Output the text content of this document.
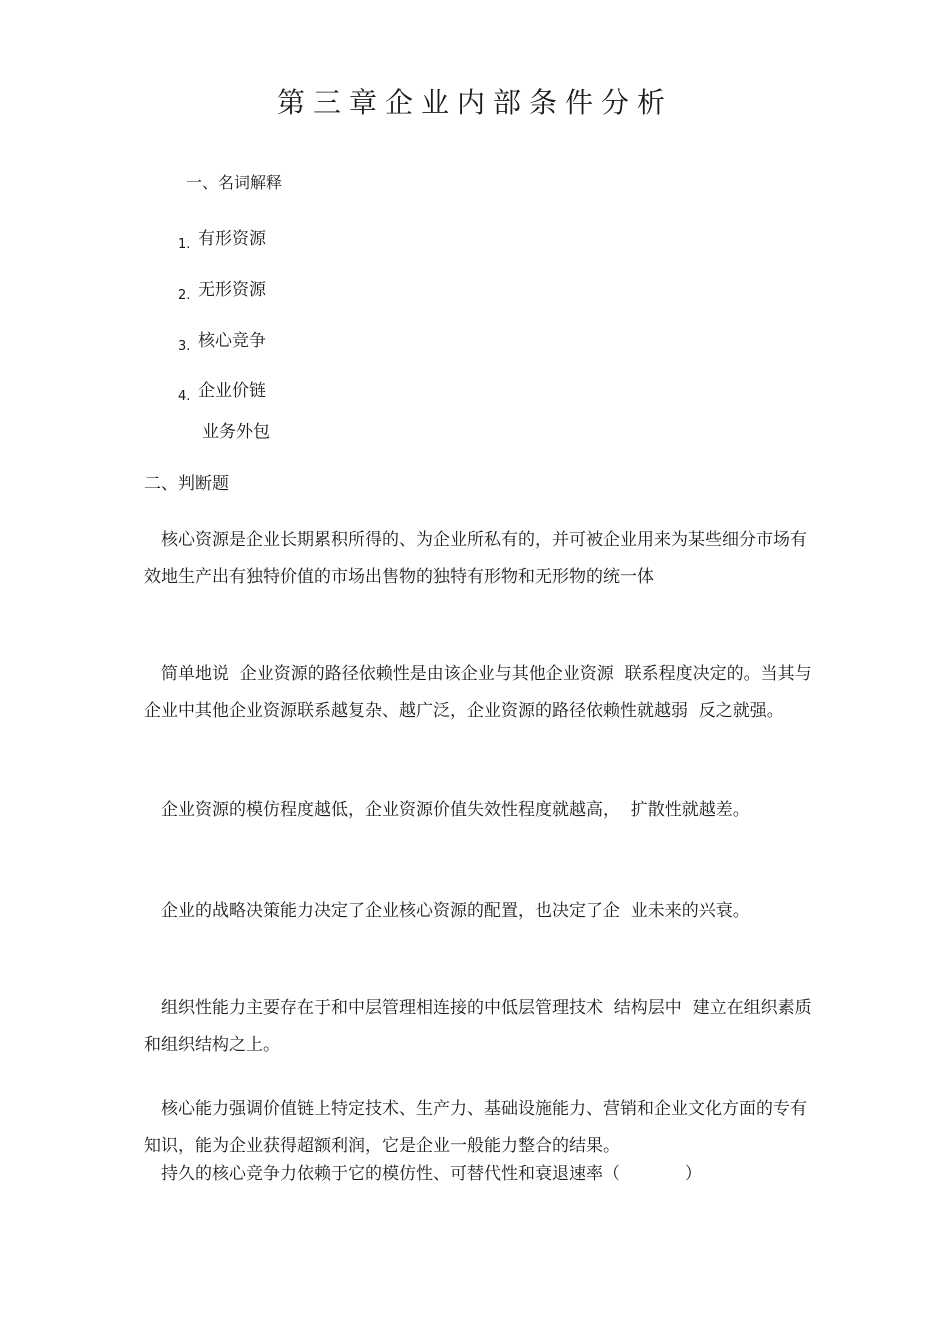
第三章企业内部条件分析
一、名词解释
1. 有形资源
2. 无形资源
3. 核心竞争
4. 企业价链
业务外包
二、判断题
核心资源是企业长期累积所得的、为企业所私有的，并可被企业用来为某些细分市场有效地生产出有独特价值的市场出售物的独特有形物和无形物的统一体
简单地说  企业资源的路径依赖性是由该企业与其他企业资源  联系程度决定的。当其与企业中其他企业资源联系越复杂、越广泛，企业资源的路径依赖性就越弱  反之就强。
企业资源的模仿程度越低，企业资源价值失效性程度就越高，  扩散性就越差。
企业的战略决策能力决定了企业核心资源的配置，也决定了企  业未来的兴衰。
组织性能力主要存在于和中层管理相连接的中低层管理技术  结构层中  建立在组织素质和组织结构之上。
核心能力强调价值链上特定技术、生产力、基础设施能力、营销和企业文化方面的专有知识，能为企业获得超额利润，它是企业一般能力整合的结果。
持久的核心竞争力依赖于它的模仿性、可替代性和衰退速率（            ）
